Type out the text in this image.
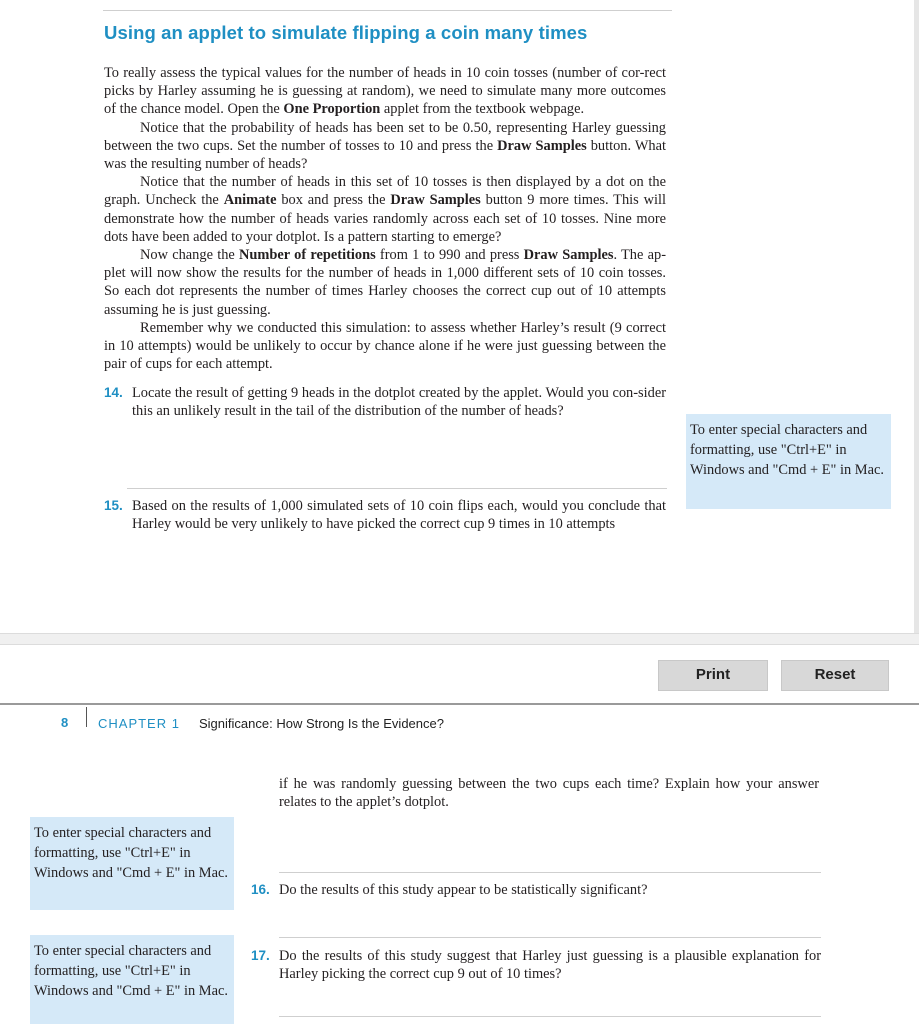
Using an applet to simulate flipping a coin many times

To really assess the typical values for the number of heads in 10 coin tosses (number of cor-rect picks by Harley assuming he is guessing at random), we need to simulate many more outcomes of the chance model. Open the One Proportion applet from the textbook webpage.

Notice that the probability of heads has been set to be 0.50, representing Harley guessing between the two cups. Set the number of tosses to 10 and press the Draw Samples button. What was the resulting number of heads?

Notice that the number of heads in this set of 10 tosses is then displayed by a dot on the graph. Uncheck the Animate box and press the Draw Samples button 9 more times. This will demonstrate how the number of heads varies randomly across each set of 10 tosses. Nine more dots have been added to your dotplot. Is a pattern starting to emerge?

Now change the Number of repetitions from 1 to 990 and press Draw Samples. The ap-plet will now show the results for the number of heads in 1,000 different sets of 10 coin tosses. So each dot represents the number of times Harley chooses the correct cup out of 10 attempts assuming he is just guessing.

Remember why we conducted this simulation: to assess whether Harley’s result (9 correct in 10 attempts) would be unlikely to occur by chance alone if he were just guessing between the pair of cups for each attempt.

14. Locate the result of getting 9 heads in the dotplot created by the applet. Would you con-sider this an unlikely result in the tail of the distribution of the number of heads?
To enter special characters and formatting, use "Ctrl+E" in Windows and "Cmd + E" in Mac.
15. Based on the results of 1,000 simulated sets of 10 coin flips each, would you conclude that Harley would be very unlikely to have picked the correct cup 9 times in 10 attempts
Print	Reset
8 CHAPTER 1 Significance: How Strong Is the Evidence?
if he was randomly guessing between the two cups each time? Explain how your answer relates to the applet’s dotplot.
To enter special characters and formatting, use "Ctrl+E" in Windows and "Cmd + E" in Mac.
16. Do the results of this study appear to be statistically significant?
To enter special characters and formatting, use "Ctrl+E" in Windows and "Cmd + E" in Mac.
17. Do the results of this study suggest that Harley just guessing is a plausible explanation for Harley picking the correct cup 9 out of 10 times?
